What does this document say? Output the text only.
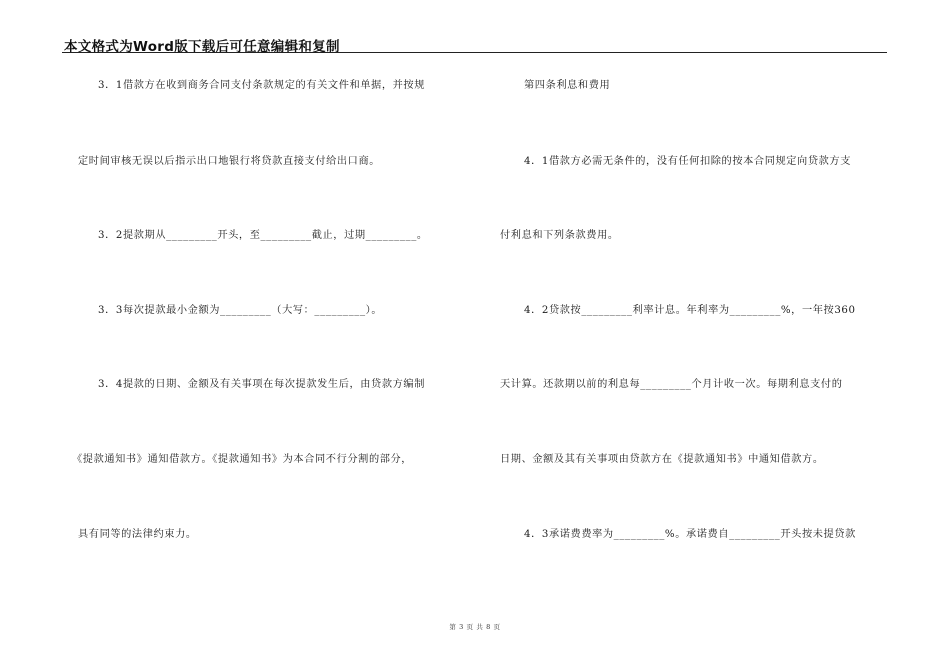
本文格式为Word版下载后可任意编辑和复制
3．1借款方在收到商务合同支付条款规定的有关文件和单据，并按规
定时间审核无误以后指示出口地银行将贷款直接支付给出口商。
3．2提款期从_________开头，至_________截止，过期_________。
3．3每次提款最小金额为_________（大写：_________）。
3．4提款的日期、金额及有关事项在每次提款发生后，由贷款方编制
《提款通知书》通知借款方。《提款通知书》为本合同不行分割的部分，
具有同等的法律约束力。
第四条利息和费用
4．1借款方必需无条件的，没有任何扣除的按本合同规定向贷款方支
付利息和下列条款费用。
4．2贷款按_________利率计息。年利率为_________%，一年按360
天计算。还款期以前的利息每_________个月计收一次。每期利息支付的
日期、金额及其有关事项由贷款方在《提款通知书》中通知借款方。
4．3承诺费费率为_________%。承诺费自_________开头按未提贷款
第 3 页 共 8 页
